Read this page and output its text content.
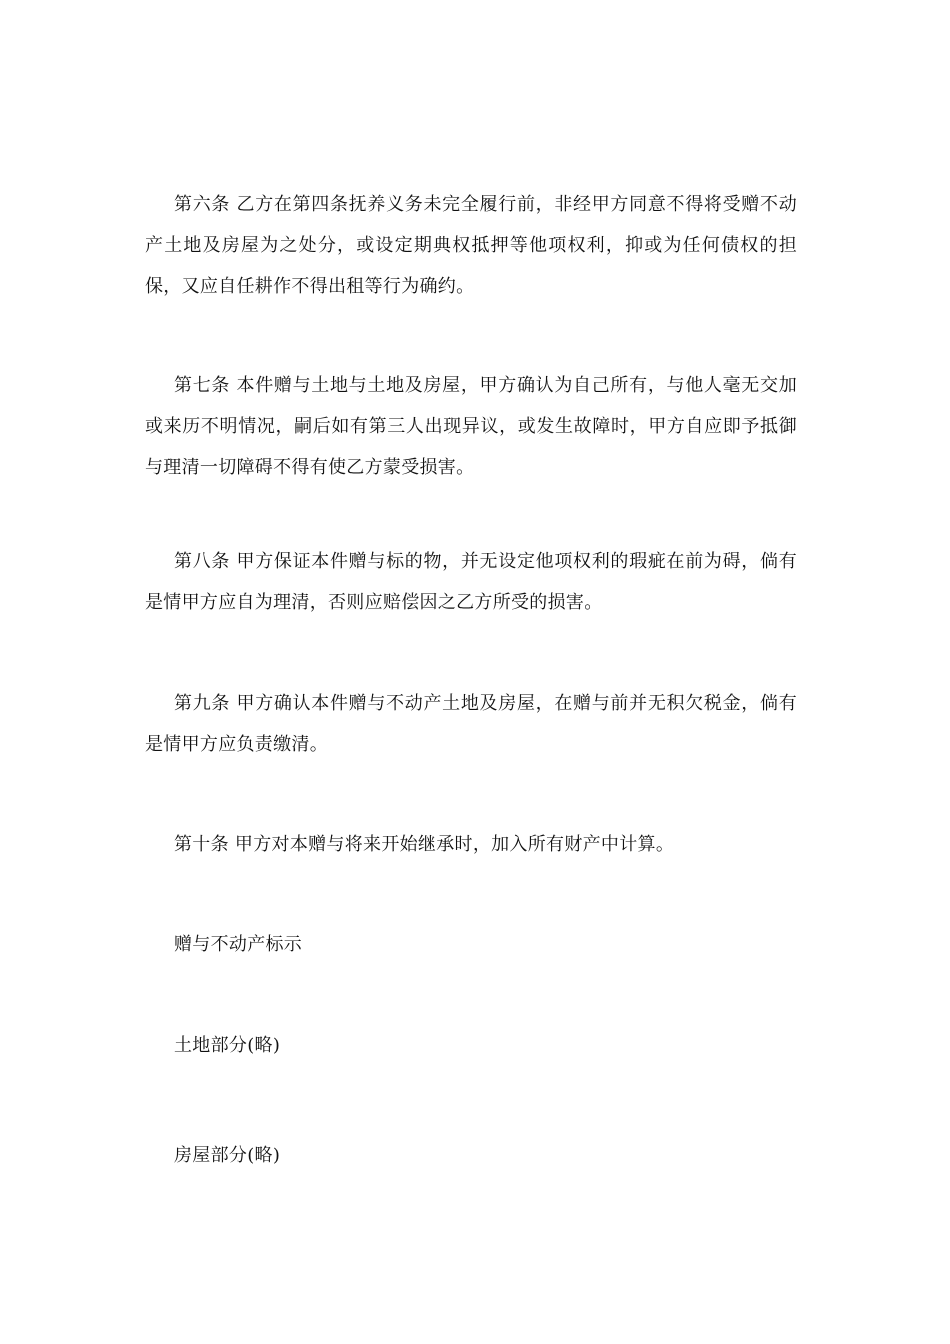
第六条 乙方在第四条抚养义务未完全履行前，非经甲方同意不得将受赠不动产土地及房屋为之处分，或设定期典权抵押等他项权利，抑或为任何债权的担保，又应自任耕作不得出租等行为确约。

第七条 本件赠与土地与土地及房屋，甲方确认为自己所有，与他人毫无交加或来历不明情况，嗣后如有第三人出现异议，或发生故障时，甲方自应即予抵御与理清一切障碍不得有使乙方蒙受损害。

第八条 甲方保证本件赠与标的物，并无设定他项权利的瑕疵在前为碍，倘有是情甲方应自为理清，否则应赔偿因之乙方所受的损害。

第九条 甲方确认本件赠与不动产土地及房屋，在赠与前并无积欠税金，倘有是情甲方应负责缴清。

第十条 甲方对本赠与将来开始继承时，加入所有财产中计算。

赠与不动产标示

土地部分(略)

房屋部分(略)
